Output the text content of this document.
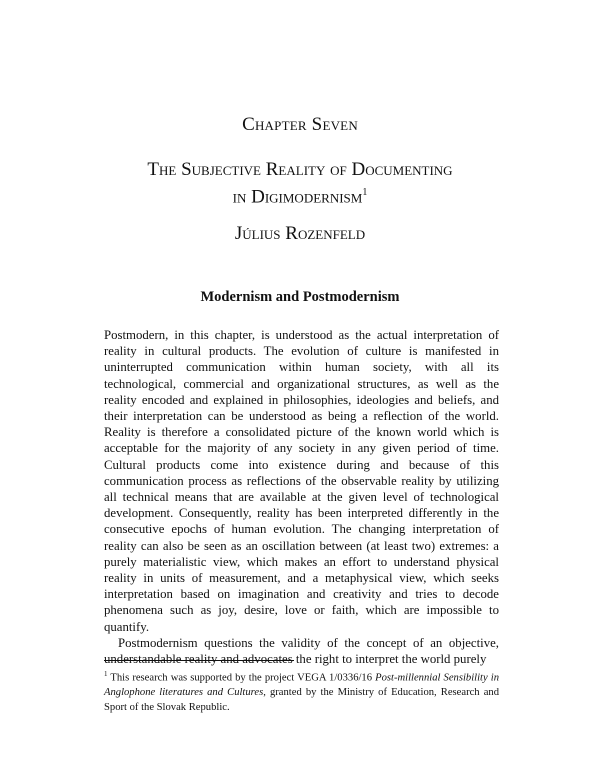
Chapter Seven
The Subjective Reality of Documenting
in Digimodernism$^1$
Július Rozenfeld
Modernism and Postmodernism

Postmodern, in this chapter, is understood as the actual interpretation of reality in cultural products. The evolution of culture is manifested in uninterrupted communication within human society, with all its technological, commercial and organizational structures, as well as the reality encoded and explained in philosophies, ideologies and beliefs, and their interpretation can be understood as being a reflection of the world. Reality is therefore a consolidated picture of the known world which is acceptable for the majority of any society in any given period of time. Cultural products come into existence during and because of this communication process as reflections of the observable reality by utilizing all technical means that are available at the given level of technological development. Consequently, reality has been interpreted differently in the consecutive epochs of human evolution. The changing interpretation of reality can also be seen as an oscillation between (at least two) extremes: a purely materialistic view, which makes an effort to understand physical reality in units of measurement, and a metaphysical view, which seeks interpretation based on imagination and creativity and tries to decode phenomena such as joy, desire, love or faith, which are impossible to quantify.

Postmodernism questions the validity of the concept of an objective, understandable reality and advocates the right to interpret the world purely

$^1$ This research was supported by the project VEGA 1/0336/16 Post-millennial Sensibility in Anglophone literatures and Cultures, granted by the Ministry of Education, Research and Sport of the Slovak Republic.
